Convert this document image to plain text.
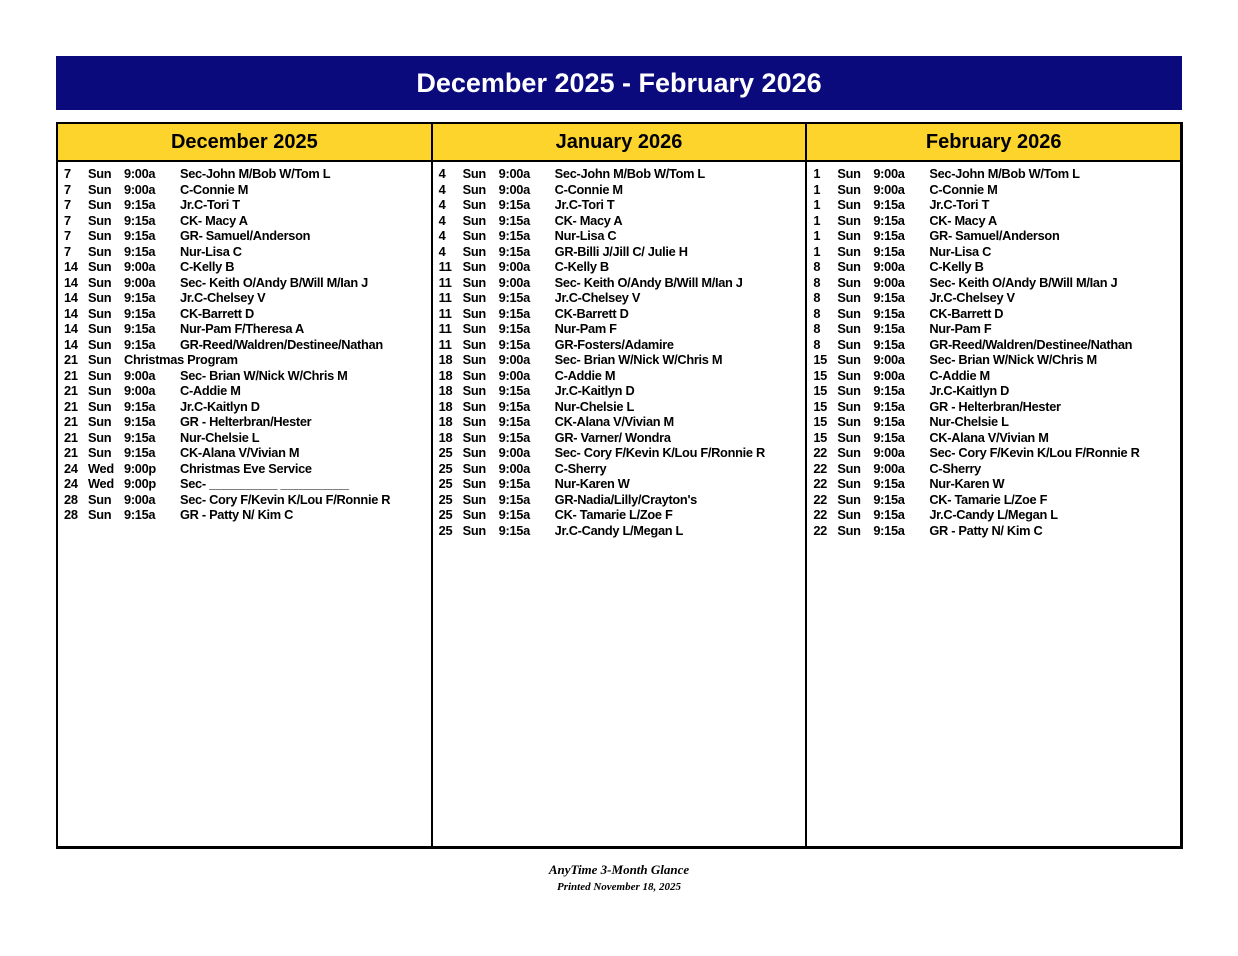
December 2025 - February 2026
December 2025
7	Sun 9:00a	Sec-John M/Bob W/Tom L
7	Sun 9:00a	C-Connie M
7	Sun 9:15a	Jr.C-Tori T
7	Sun 9:15a	CK- Macy A
7	Sun 9:15a	GR- Samuel/Anderson
7	Sun 9:15a	Nur-Lisa C
14 Sun 9:00a	C-Kelly B
14 Sun 9:00a	Sec- Keith O/Andy B/Will M/Ian J
14 Sun 9:15a	Jr.C-Chelsey V
14 Sun 9:15a	CK-Barrett D
14 Sun 9:15a	Nur-Pam F/Theresa A
14 Sun 9:15a	GR-Reed/Waldren/Destinee/Nathan
21 Sun Christmas Program
21 Sun 9:00a	Sec- Brian W/Nick W/Chris M
21 Sun 9:00a	C-Addie M
21 Sun 9:15a	Jr.C-Kaitlyn D
21 Sun 9:15a	GR - Helterbran/Hester
21 Sun 9:15a	Nur-Chelsie L
21 Sun 9:15a	CK-Alana V/Vivian M
24 Wed 9:00p	Christmas Eve Service
24 Wed 9:00p	Sec- __________ __________
28 Sun 9:00a	Sec- Cory F/Kevin K/Lou F/Ronnie R
28 Sun 9:15a	GR - Patty N/ Kim C
January 2026
4	Sun 9:00a	Sec-John M/Bob W/Tom L
4	Sun 9:00a	C-Connie M
4	Sun 9:15a	Jr.C-Tori T
4	Sun 9:15a	CK- Macy A
4	Sun 9:15a	Nur-Lisa C
4	Sun 9:15a	GR-Billi J/Jill C/ Julie H
11 Sun 9:00a	C-Kelly B
11 Sun 9:00a	Sec- Keith O/Andy B/Will M/Ian J
11 Sun 9:15a	Jr.C-Chelsey V
11 Sun 9:15a	CK-Barrett D
11 Sun 9:15a	Nur-Pam F
11 Sun 9:15a	GR-Fosters/Adamire
18 Sun 9:00a	Sec- Brian W/Nick W/Chris M
18 Sun 9:00a	C-Addie M
18 Sun 9:15a	Jr.C-Kaitlyn D
18 Sun 9:15a	Nur-Chelsie L
18 Sun 9:15a	CK-Alana V/Vivian M
18 Sun 9:15a	GR- Varner/ Wondra
25 Sun 9:00a	Sec- Cory F/Kevin K/Lou F/Ronnie R
25 Sun 9:00a	C-Sherry
25 Sun 9:15a	Nur-Karen W
25 Sun 9:15a	GR-Nadia/Lilly/Crayton's
25 Sun 9:15a	CK- Tamarie L/Zoe F
25 Sun 9:15a	Jr.C-Candy L/Megan L
February 2026
1	Sun 9:00a	Sec-John M/Bob W/Tom L
1	Sun 9:00a	C-Connie M
1	Sun 9:15a	Jr.C-Tori T
1	Sun 9:15a	CK- Macy A
1	Sun 9:15a	GR- Samuel/Anderson
1	Sun 9:15a	Nur-Lisa C
8	Sun 9:00a	C-Kelly B
8	Sun 9:00a	Sec- Keith O/Andy B/Will M/Ian J
8	Sun 9:15a	Jr.C-Chelsey V
8	Sun 9:15a	CK-Barrett D
8	Sun 9:15a	Nur-Pam F
8	Sun 9:15a	GR-Reed/Waldren/Destinee/Nathan
15 Sun 9:00a	Sec- Brian W/Nick W/Chris M
15 Sun 9:00a	C-Addie M
15 Sun 9:15a	Jr.C-Kaitlyn D
15 Sun 9:15a	GR - Helterbran/Hester
15 Sun 9:15a	Nur-Chelsie L
15 Sun 9:15a	CK-Alana V/Vivian M
22 Sun 9:00a	Sec- Cory F/Kevin K/Lou F/Ronnie R
22 Sun 9:00a	C-Sherry
22 Sun 9:15a	Nur-Karen W
22 Sun 9:15a	CK- Tamarie L/Zoe F
22 Sun 9:15a	Jr.C-Candy L/Megan L
22 Sun 9:15a	GR - Patty N/ Kim C
AnyTime 3-Month Glance
Printed November 18, 2025
